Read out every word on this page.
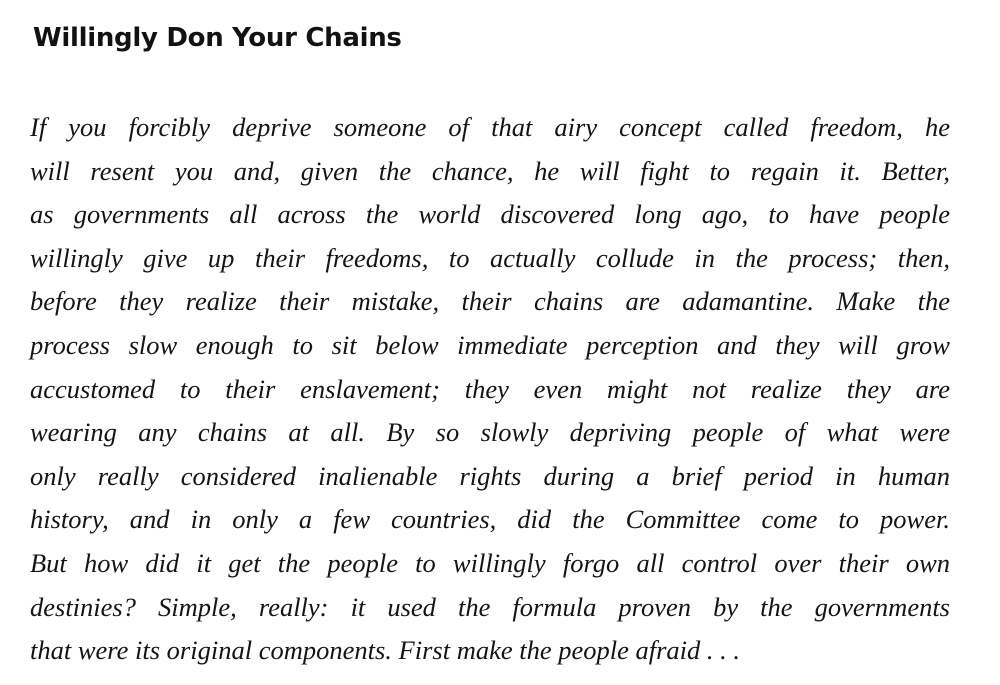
Willingly Don Your Chains
If you forcibly deprive someone of that airy concept called freedom, he
will resent you and, given the chance, he will fight to regain it. Better,
as governments all across the world discovered long ago, to have people
willingly give up their freedoms, to actually collude in the process; then,
before they realize their mistake, their chains are adamantine. Make the
process slow enough to sit below immediate perception and they will grow
accustomed to their enslavement; they even might not realize they are
wearing any chains at all. By so slowly depriving people of what were
only really considered inalienable rights during a brief period in human
history, and in only a few countries, did the Committee come to power.
But how did it get the people to willingly forgo all control over their own
destinies? Simple, really: it used the formula proven by the governments
that were its original components. First make the people afraid . . .
